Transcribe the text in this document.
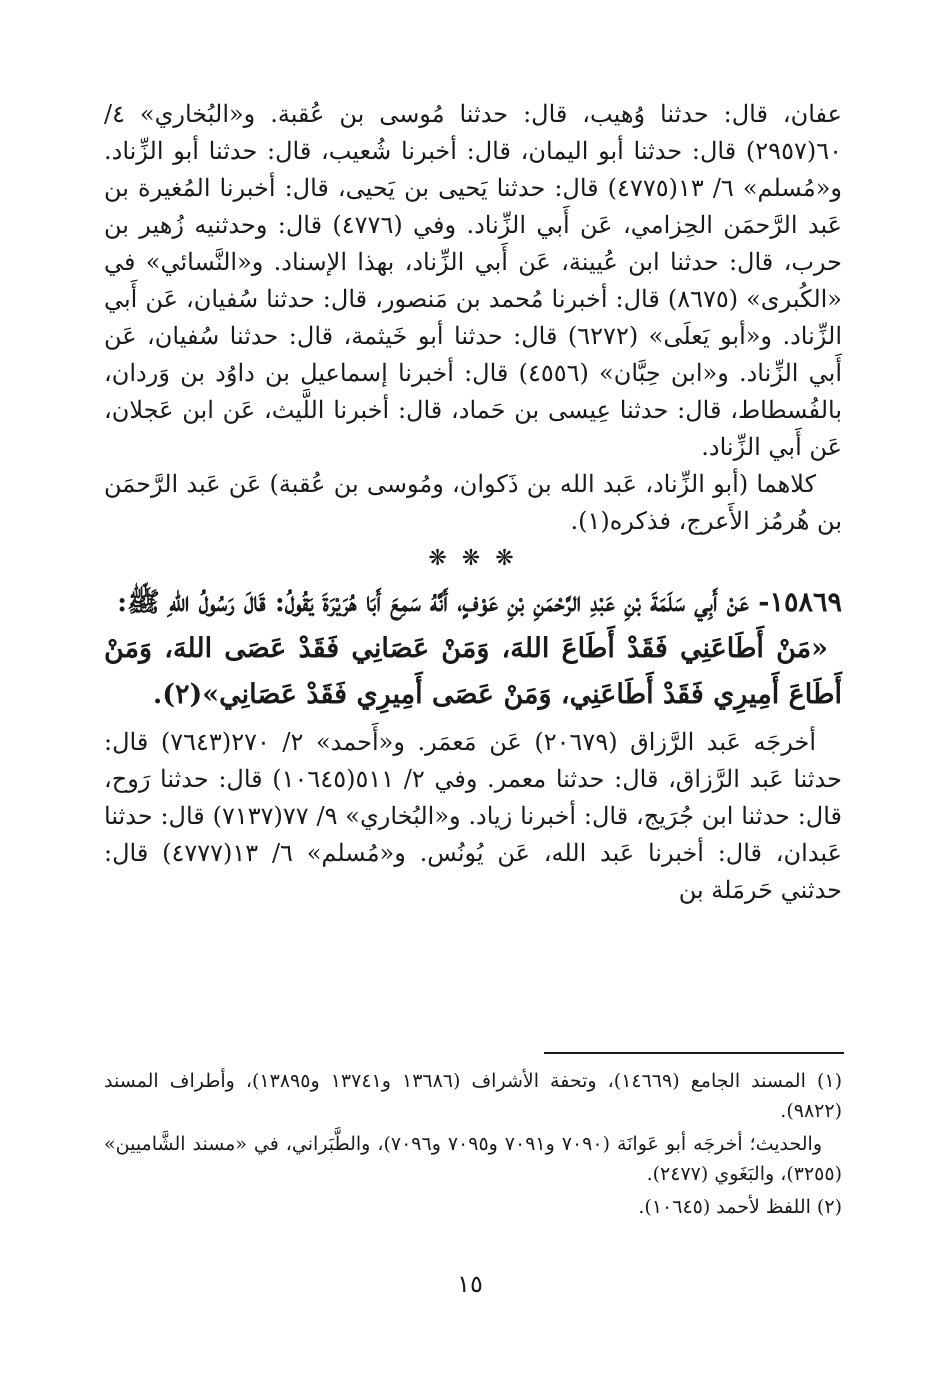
عفان، قال: حدثنا وُهيب، قال: حدثنا مُوسى بن عُقبة. و«البُخاري» ٤/ ٦٠(٢٩٥٧) قال: حدثنا أبو اليمان، قال: أخبرنا شُعيب، قال: حدثنا أبو الزِّناد. و«مُسلم» ٦/ ١٣(٤٧٧٥) قال: حدثنا يَحيى بن يَحيى، قال: أخبرنا المُغيرة بن عَبد الرَّحمَن الحِزامي، عَن أَبي الزِّناد. وفي (٤٧٧٦) قال: وحدثنيه زُهير بن حرب، قال: حدثنا ابن عُيينة، عَن أَبي الزِّناد، بهذا الإسناد. و«النَّسائي» في «الكُبرى» (٨٦٧٥) قال: أخبرنا مُحمد بن مَنصور، قال: حدثنا سُفيان، عَن أَبي الزِّناد. و«أبو يَعلَى» (٦٢٧٢) قال: حدثنا أبو خَيثمة، قال: حدثنا سُفيان، عَن أَبي الزِّناد. و«ابن حِبَّان» (٤٥٥٦) قال: أخبرنا إسماعيل بن داوُد بن وَردان، بالفُسطاط، قال: حدثنا عِيسى بن حَماد، قال: أخبرنا اللَّيث، عَن ابن عَجلان، عَن أَبي الزِّناد.

كلاهما (أبو الزِّناد، عَبد الله بن ذَكوان، ومُوسى بن عُقبة) عَن عَبد الرَّحمَن بن هُرمُز الأَعرج، فذكره(١).

❋ ❋ ❋

١٥٨٦٩- عَنْ أَبِي سَلَمَةَ بْنِ عَبْدِ الرَّحْمَنِ بْنِ عَوْفٍ، أَنَّهُ سَمِعَ أَبَا هُرَيْرَةَ يَقُولُ: قَالَ رَسُولُ اللهِ ﷺ:

«مَنْ أَطَاعَنِي فَقَدْ أَطَاعَ اللهَ، وَمَنْ عَصَانِي فَقَدْ عَصَى اللهَ، وَمَنْ أَطَاعَ أَمِيرِي فَقَدْ أَطَاعَنِي، وَمَنْ عَصَى أَمِيرِي فَقَدْ عَصَانِي»(٢).

أخرجَه عَبد الرَّزاق (٢٠٦٧٩) عَن مَعمَر. و«أَحمد» ٢/ ٢٧٠(٧٦٤٣) قال: حدثنا عَبد الرَّزاق، قال: حدثنا معمر. وفي ٢/ ٥١١(١٠٦٤٥) قال: حدثنا رَوح، قال: حدثنا ابن جُرَيج، قال: أخبرنا زياد. و«البُخاري» ٩/ ٧٧(٧١٣٧) قال: حدثنا عَبدان، قال: أخبرنا عَبد الله، عَن يُونُس. و«مُسلم» ٦/ ١٣(٤٧٧٧) قال: حدثني حَرمَلة بن

(١) المسند الجامع (١٤٦٦٩)، وتحفة الأشراف (١٣٦٨٦ و١٣٧٤١ و١٣٨٩٥)، وأطراف المسند (٩٨٢٢).

والحديث؛ أخرجَه أبو عَوانَة (٧٠٩٠ و٧٠٩١ و٧٠٩٥ و٧٠٩٦)، والطَّبَراني، في «مسند الشَّاميين» (٣٢٥٥)، والبَغَوي (٢٤٧٧).

(٢) اللفظ لأحمد (١٠٦٤٥).

١٥
